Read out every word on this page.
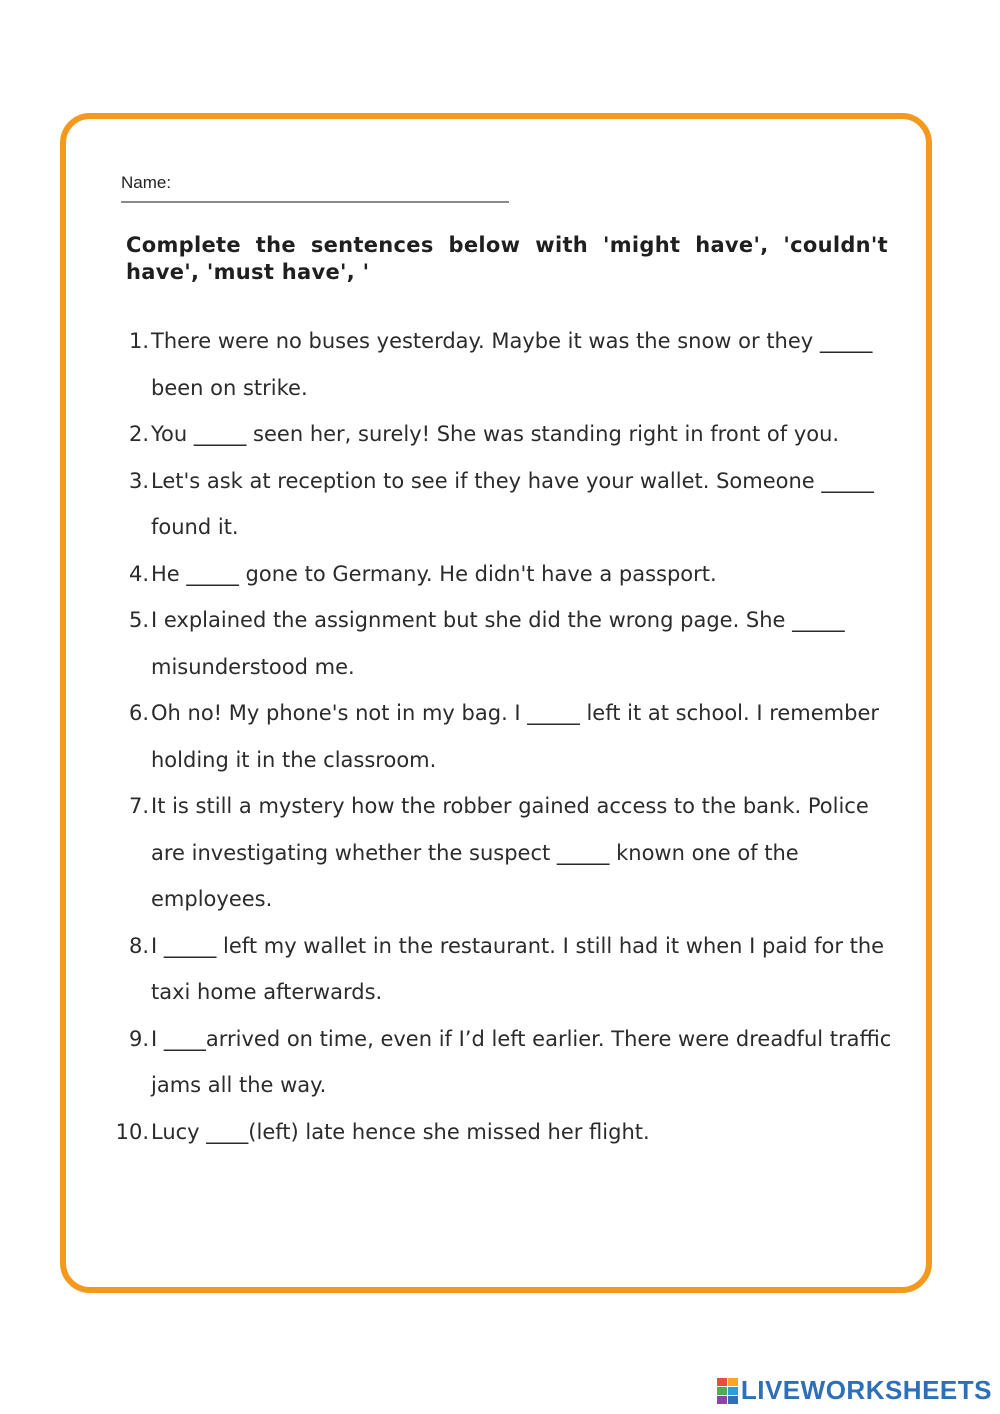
Name:
Complete the sentences below with 'might have', 'couldn't have', 'must have', '
1. There were no buses yesterday. Maybe it was the snow or they _____ been on strike.
2. You _____ seen her, surely! She was standing right in front of you.
3. Let's ask at reception to see if they have your wallet. Someone _____ found it.
4. He _____ gone to Germany. He didn't have a passport.
5. I explained the assignment but she did the wrong page. She _____ misunderstood me.
6. Oh no! My phone's not in my bag. I _____ left it at school. I remember holding it in the classroom.
7. It is still a mystery how the robber gained access to the bank. Police are investigating whether the suspect _____ known one of the employees.
8. I _____ left my wallet in the restaurant. I still had it when I paid for the taxi home afterwards.
9. I ____arrived on time, even if I’d left earlier. There were dreadful traffic jams all the way.
10. Lucy ____(left) late hence she missed her flight.
LIVEWORKSHEETS
